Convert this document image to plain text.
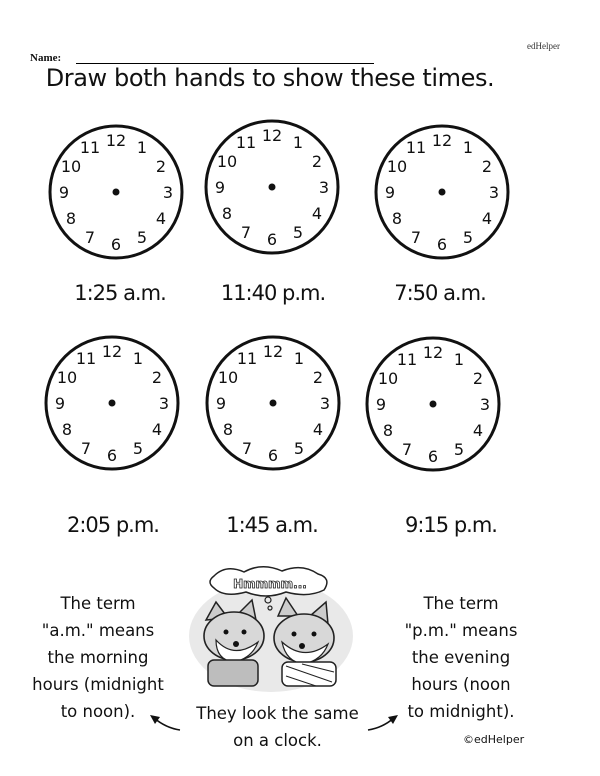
edHelper
Name:
Draw both hands to show these times.
12 1
2
3
4
5
6
7
8
9
10
11
12 1
2
3
4
5
6
7
8
9
10
11	12 1
2
3
4
5
6
7
8
9
10
11
1:25 a.m.	11:40 p.m.	7:50 a.m.
12 1
2
3
4
5
6
7
8
9
10
11	12 1
2
3
4
5
6
7
8
9
10
11	12 1
2
3
4
5
6
7
8
9
10
11
2:05 p.m.	1:45 a.m.	9:15 p.m.
The term
"a.m." means
the morning
hours (midnight
to noon).
The term
"p.m." means
the evening
hours (noon
to midnight).
Hmmmm...
They look the same
on a clock.	©edHelper
